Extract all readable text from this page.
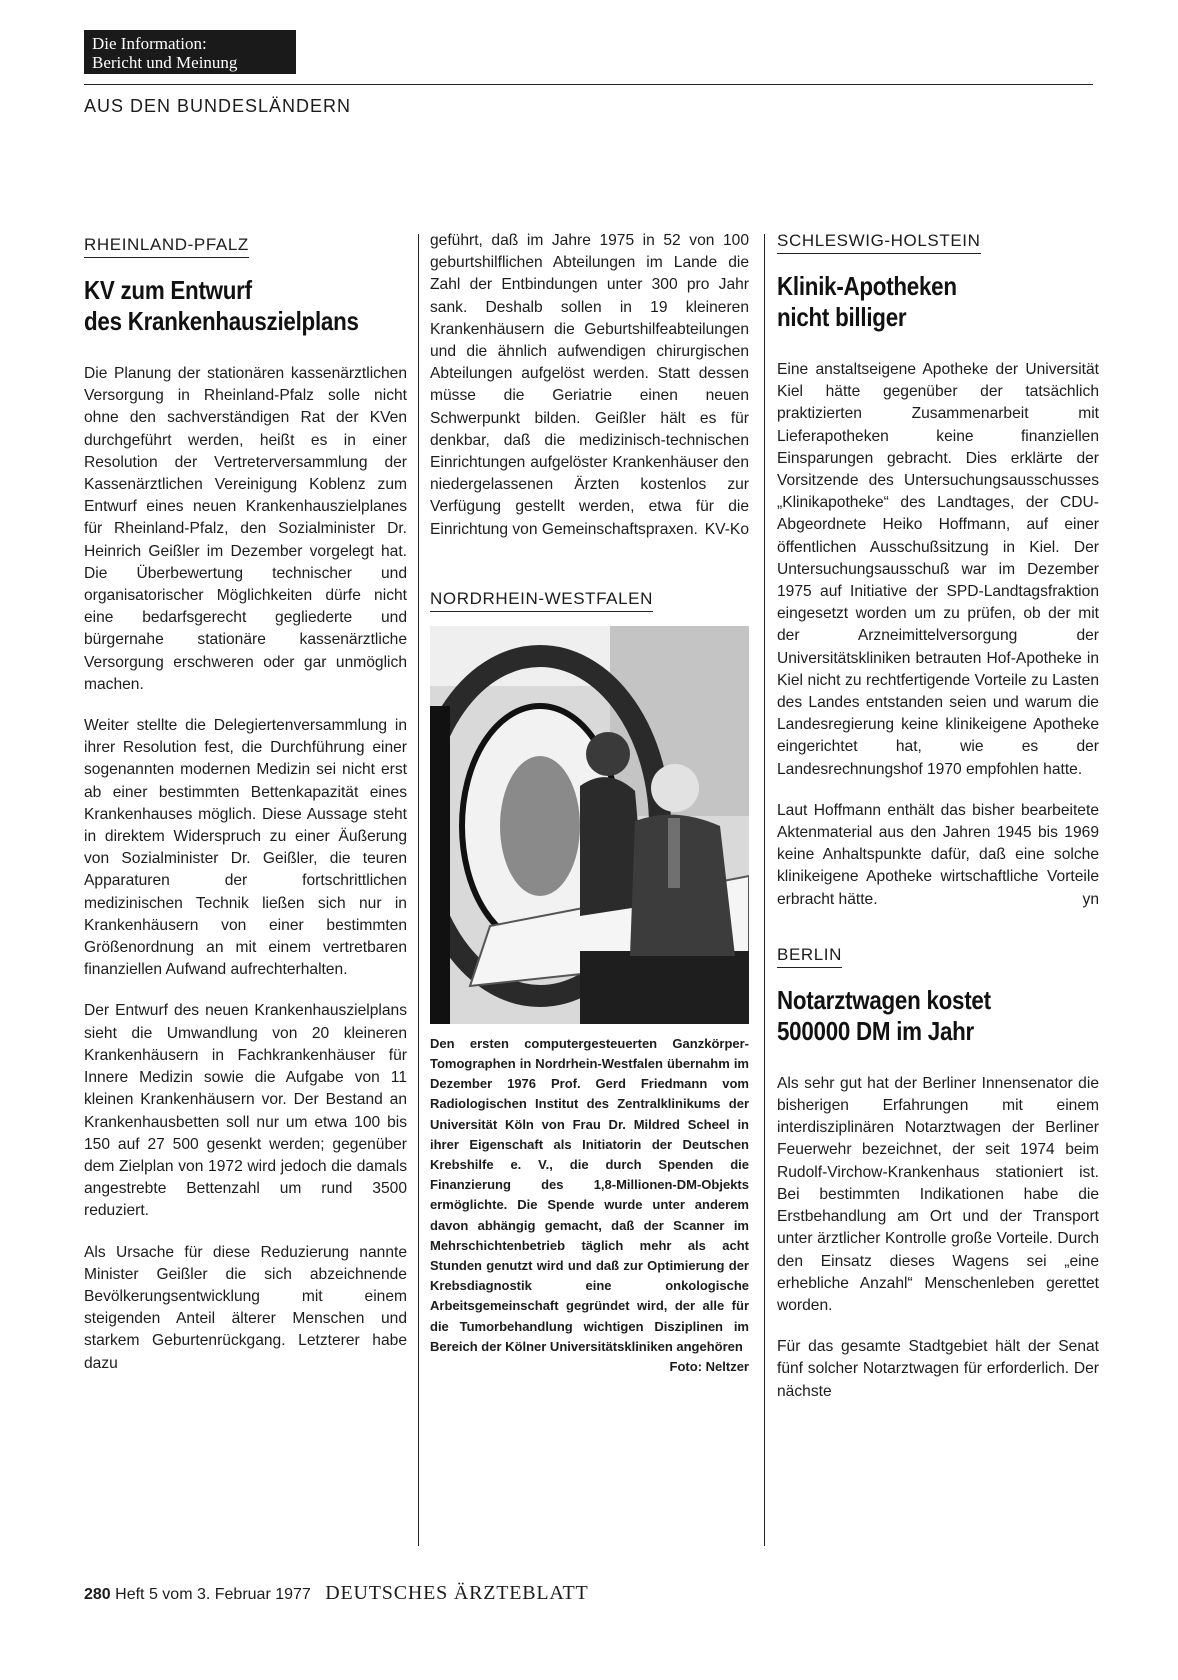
Die Information:
Bericht und Meinung
AUS DEN BUNDESLÄNDERN

RHEINLAND-PFALZ

KV zum Entwurf
des Krankenhauszielplans

Die Planung der stationären kassenärztlichen Versorgung in Rheinland-Pfalz solle nicht ohne den sachverständigen Rat der KVen durchgeführt werden, heißt es in einer Resolution der Vertreterversammlung der Kassenärztlichen Vereinigung Koblenz zum Entwurf eines neuen Krankenhauszielplanes für Rheinland-Pfalz, den Sozialminister Dr. Heinrich Geißler im Dezember vorgelegt hat. Die Überbewertung technischer und organisatorischer Möglichkeiten dürfe nicht eine bedarfsgerecht gegliederte und bürgernahe stationäre kassenärztliche Versorgung erschweren oder gar unmöglich machen.

Weiter stellte die Delegiertenversammlung in ihrer Resolution fest, die Durchführung einer sogenannten modernen Medizin sei nicht erst ab einer bestimmten Bettenkapazität eines Krankenhauses möglich. Diese Aussage steht in direktem Widerspruch zu einer Äußerung von Sozialminister Dr. Geißler, die teuren Apparaturen der fortschrittlichen medizinischen Technik ließen sich nur in Krankenhäusern von einer bestimmten Größenordnung an mit einem vertretbaren finanziellen Aufwand aufrechterhalten.

Der Entwurf des neuen Krankenhauszielplans sieht die Umwandlung von 20 kleineren Krankenhäusern in Fachkrankenhäuser für Innere Medizin sowie die Aufgabe von 11 kleinen Krankenhäusern vor. Der Bestand an Krankenhausbetten soll nur um etwa 100 bis 150 auf 27 500 gesenkt werden; gegenüber dem Zielplan von 1972 wird jedoch die damals angestrebte Bettenzahl um rund 3500 reduziert.

Als Ursache für diese Reduzierung nannte Minister Geißler die sich abzeichnende Bevölkerungsentwicklung mit einem steigenden Anteil älterer Menschen und starkem Geburtenrückgang. Letzterer habe dazu

geführt, daß im Jahre 1975 in 52 von 100 geburtshilflichen Abteilungen im Lande die Zahl der Entbindungen unter 300 pro Jahr sank. Deshalb sollen in 19 kleineren Krankenhäusern die Geburtshilfeabteilungen und die ähnlich aufwendigen chirurgischen Abteilungen aufgelöst werden. Statt dessen müsse die Geriatrie einen neuen Schwerpunkt bilden. Geißler hält es für denkbar, daß die medizinisch-technischen Einrichtungen aufgelöster Krankenhäuser den niedergelassenen Ärzten kostenlos zur Verfügung gestellt werden, etwa für die Einrichtung von Gemeinschaftspraxen. KV-Ko

NORDRHEIN-WESTFALEN

Den ersten computergesteuerten Ganzkörper-Tomographen in Nordrhein-Westfalen übernahm im Dezember 1976 Prof. Gerd Friedmann vom Radiologischen Institut des Zentralklinikums der Universität Köln von Frau Dr. Mildred Scheel in ihrer Eigenschaft als Initiatorin der Deutschen Krebshilfe e. V., die durch Spenden die Finanzierung des 1,8-Millionen-DM-Objekts ermöglichte. Die Spende wurde unter anderem davon abhängig gemacht, daß der Scanner im Mehrschichtenbetrieb täglich mehr als acht Stunden genutzt wird und daß zur Optimierung der Krebsdiagnostik eine onkologische Arbeitsgemeinschaft gegründet wird, der alle für die Tumorbehandlung wichtigen Disziplinen im Bereich der Kölner Universitätskliniken angehören
Foto: Neltzer

SCHLESWIG-HOLSTEIN

Klinik-Apotheken
nicht billiger

Eine anstaltseigene Apotheke der Universität Kiel hätte gegenüber der tatsächlich praktizierten Zusammenarbeit mit Lieferapotheken keine finanziellen Einsparungen gebracht. Dies erklärte der Vorsitzende des Untersuchungsausschusses „Klinikapotheke“ des Landtages, der CDU-Abgeordnete Heiko Hoffmann, auf einer öffentlichen Ausschußsitzung in Kiel. Der Untersuchungsausschuß war im Dezember 1975 auf Initiative der SPD-Landtagsfraktion eingesetzt worden um zu prüfen, ob der mit der Arzneimittelversorgung der Universitätskliniken betrauten Hof-Apotheke in Kiel nicht zu rechtfertigende Vorteile zu Lasten des Landes entstanden seien und warum die Landesregierung keine klinikeigene Apotheke eingerichtet hat, wie es der Landesrechnungshof 1970 empfohlen hatte.

Laut Hoffmann enthält das bisher bearbeitete Aktenmaterial aus den Jahren 1945 bis 1969 keine Anhaltspunkte dafür, daß eine solche klinikeigene Apotheke wirtschaftliche Vorteile erbracht hätte.	yn

BERLIN

Notarztwagen kostet
500000 DM im Jahr

Als sehr gut hat der Berliner Innensenator die bisherigen Erfahrungen mit einem interdisziplinären Notarztwagen der Berliner Feuerwehr bezeichnet, der seit 1974 beim Rudolf-Virchow-Krankenhaus stationiert ist. Bei bestimmten Indikationen habe die Erstbehandlung am Ort und der Transport unter ärztlicher Kontrolle große Vorteile. Durch den Einsatz dieses Wagens sei „eine erhebliche Anzahl“ Menschenleben gerettet worden.

Für das gesamte Stadtgebiet hält der Senat fünf solcher Notarztwagen für erforderlich. Der nächste

280 Heft 5 vom 3. Februar 1977 DEUTSCHES ÄRZTEBLATT
